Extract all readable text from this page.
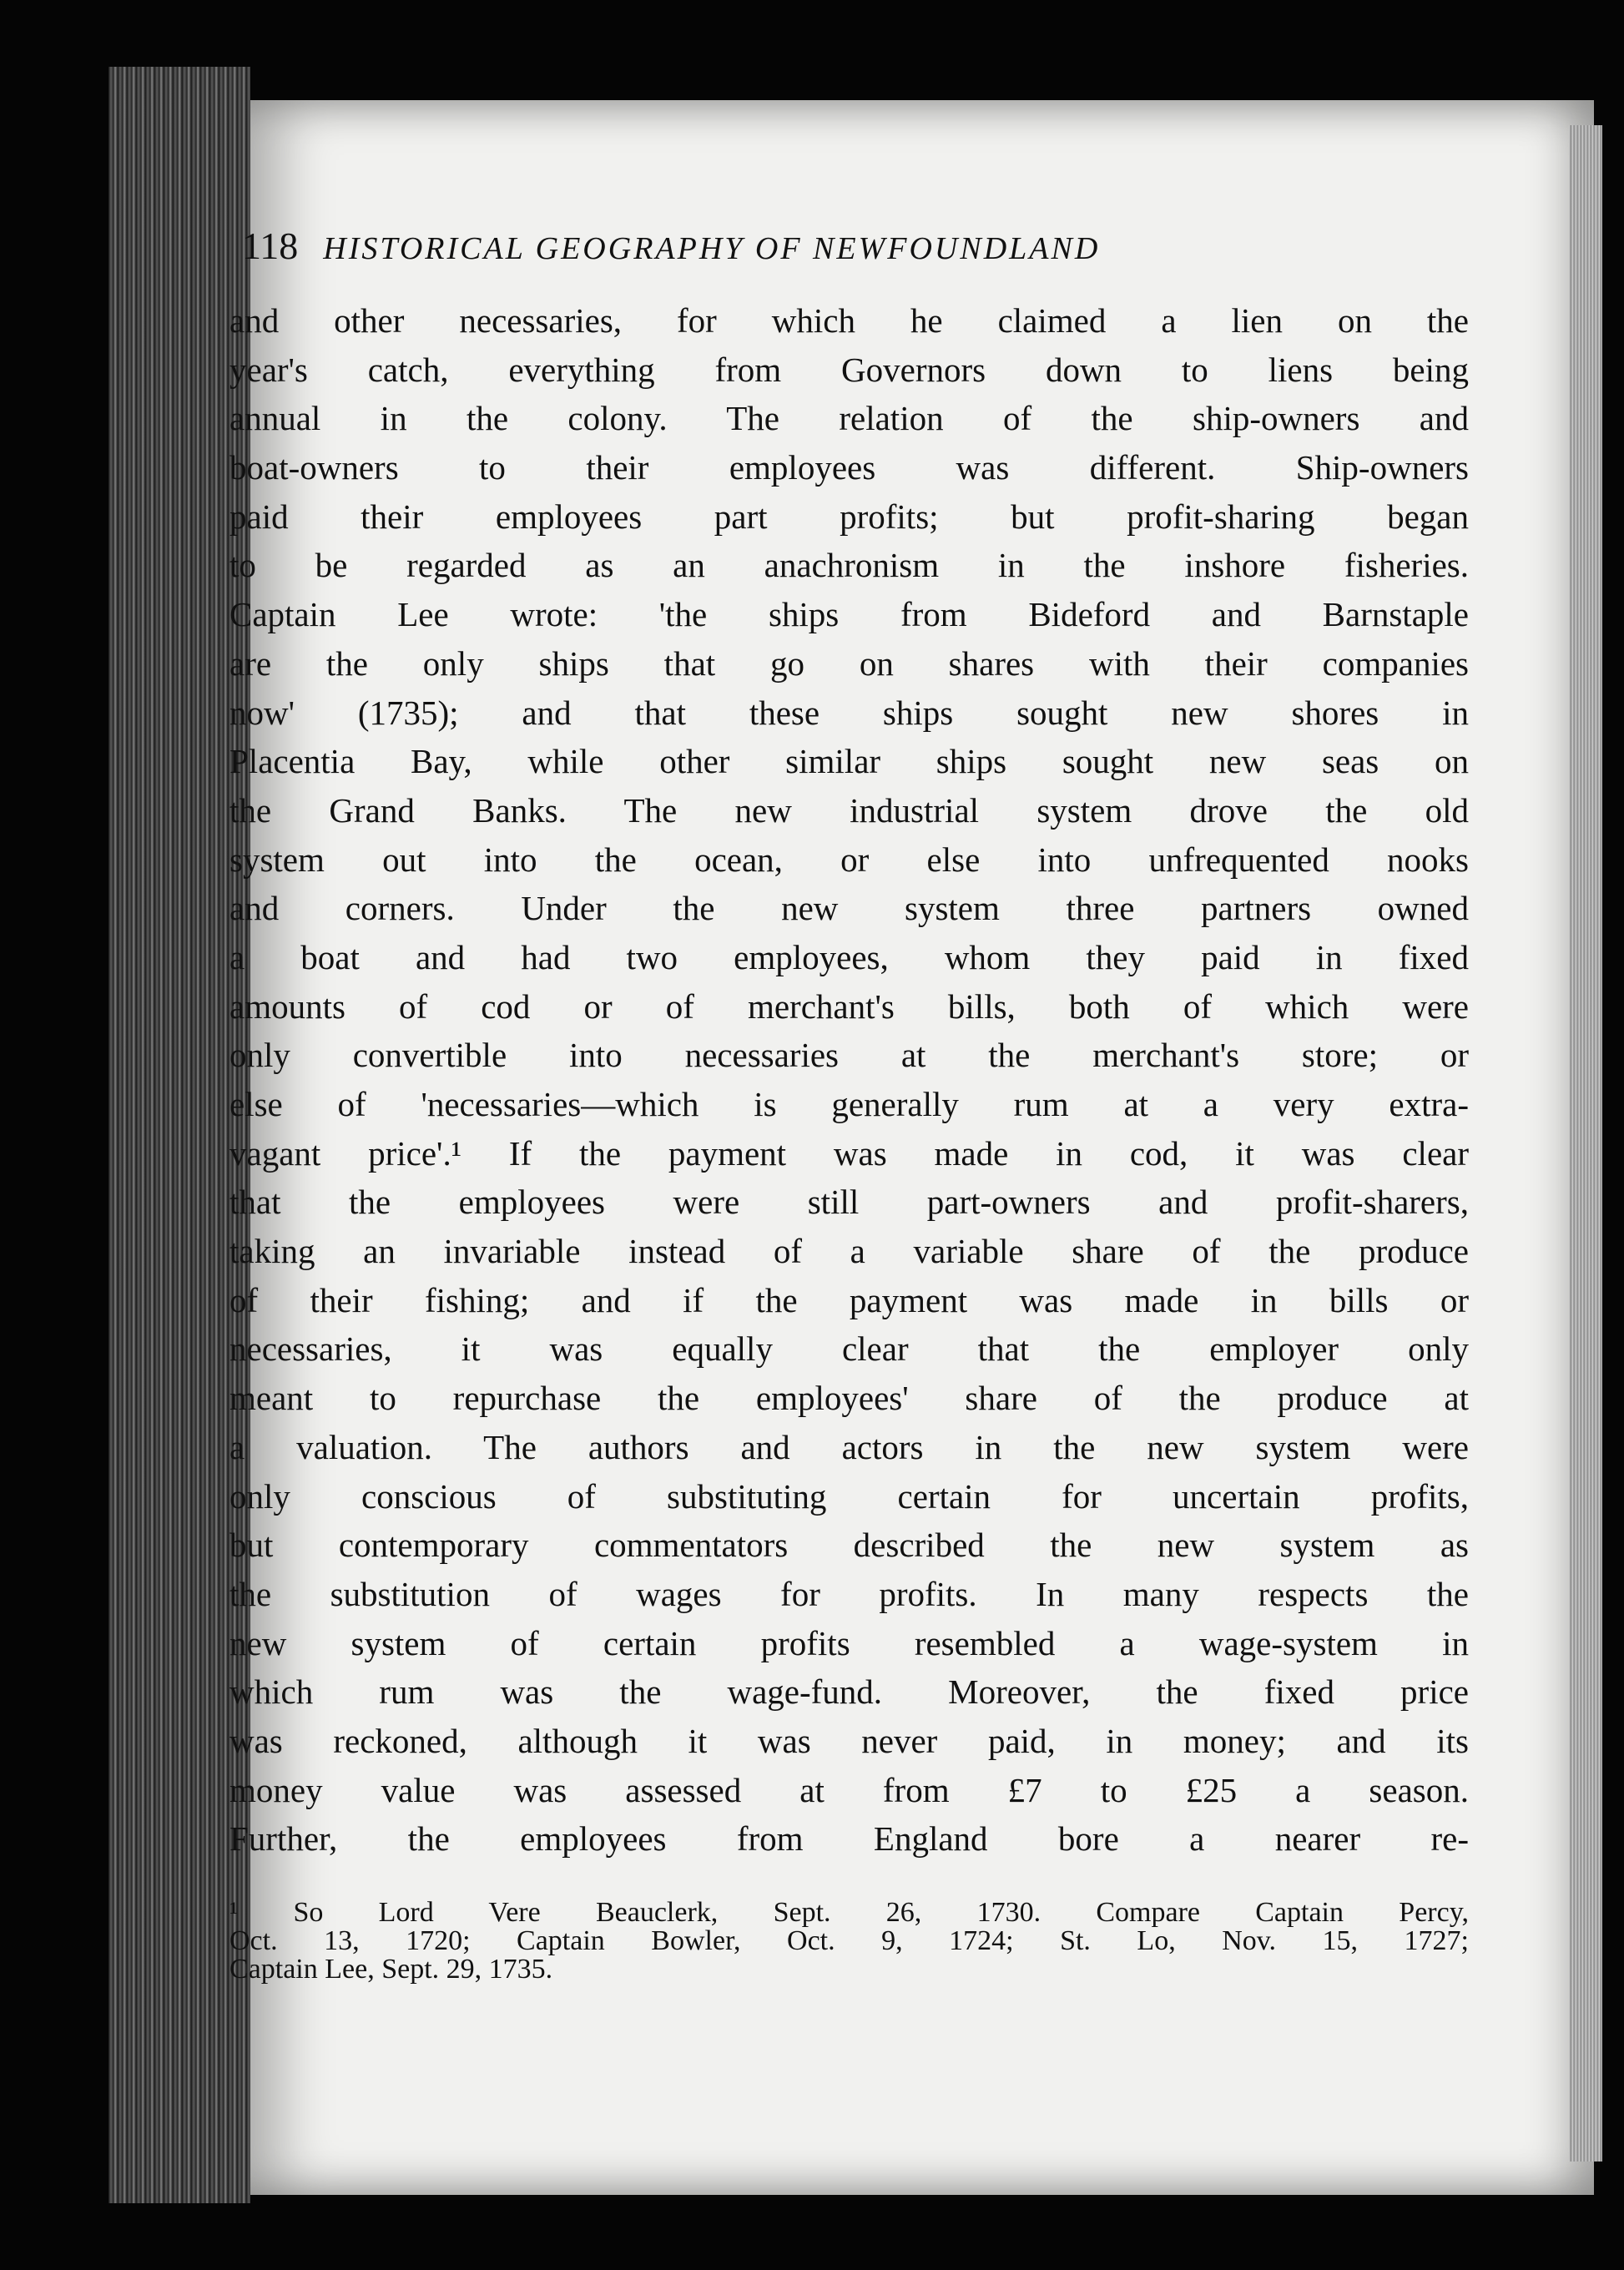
118 HISTORICAL GEOGRAPHY OF NEWFOUNDLAND
and other necessaries, for which he claimed a lien on the
year's catch, everything from Governors down to liens being
annual in the colony. The relation of the ship-owners and
boat-owners to their employees was different. Ship-owners
paid their employees part profits; but profit-sharing began
to be regarded as an anachronism in the inshore fisheries.
Captain Lee wrote: 'the ships from Bideford and Barnstaple
are the only ships that go on shares with their companies
now' (1735); and that these ships sought new shores in
Placentia Bay, while other similar ships sought new seas on
the Grand Banks. The new industrial system drove the old
system out into the ocean, or else into unfrequented nooks
and corners. Under the new system three partners owned
a boat and had two employees, whom they paid in fixed
amounts of cod or of merchant's bills, both of which were
only convertible into necessaries at the merchant's store; or
else of 'necessaries—which is generally rum at a very extra-
vagant price'.¹ If the payment was made in cod, it was clear
that the employees were still part-owners and profit-sharers,
taking an invariable instead of a variable share of the produce
of their fishing; and if the payment was made in bills or
necessaries, it was equally clear that the employer only
meant to repurchase the employees' share of the produce at
a valuation. The authors and actors in the new system were
only conscious of substituting certain for uncertain profits,
but contemporary commentators described the new system as
the substitution of wages for profits. In many respects the
new system of certain profits resembled a wage-system in
which rum was the wage-fund. Moreover, the fixed price
was reckoned, although it was never paid, in money; and its
money value was assessed at from £7 to £25 a season.
Further, the employees from England bore a nearer re-
¹ So Lord Vere Beauclerk, Sept. 26, 1730. Compare Captain Percy,
Oct. 13, 1720; Captain Bowler, Oct. 9, 1724; St. Lo, Nov. 15, 1727;
Captain Lee, Sept. 29, 1735.
